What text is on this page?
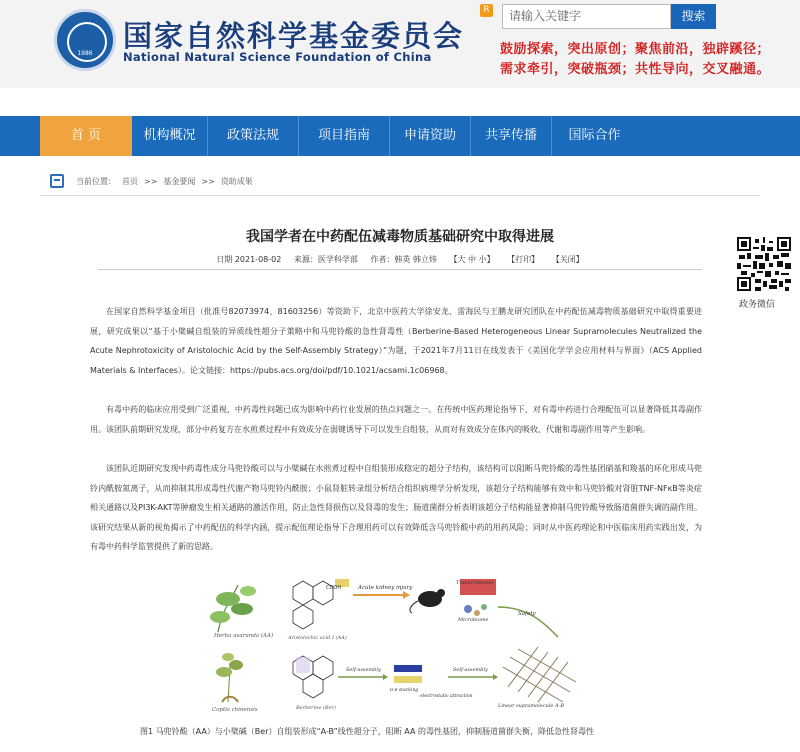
1986
国家自然科学基金委员会
National Natural Science Foundation of China
R	请输入关键字	搜索
鼓励探索，突出原创；聚焦前沿，独辟蹊径；
需求牵引，突破瓶颈；共性导向，交叉融通。
首 页	机构概况	政策法规	项目指南	申请资助	共享传播	国际合作
当前位置： 首页 >> 基金要闻 >> 资助成果
我国学者在中药配伍减毒物质基础研究中取得进展
日期 2021-08-02 来源：医学科学部 作者：韩英 韩立炜 【大 中 小】 【打印】 【关闭】
在国家自然科学基金项目（批准号82073974、81603256）等资助下，北京中医药大学徐安龙、雷海民与王鹏龙研究团队在中药配伍减毒物质基础研究中取得重要进展，研究成果以“基于小檗碱自组装的异质线性超分子策略中和马兜铃酸的急性肾毒性（Berberine-Based Heterogeneous Linear Supramolecules Neutralized the Acute Nephrotoxicity of Aristolochic Acid by the Self-Assembly Strategy）”为题，于2021年7月11日在线发表于《美国化学学会应用材料与界面》（ACS Applied Materials & Interfaces）。论文链接：https://pubs.acs.org/doi/pdf/10.1021/acsami.1c06968。
有毒中药的临床应用受到广泛重视，中药毒性问题已成为影响中药行业发展的热点问题之一。在传统中医药理论指导下，对有毒中药进行合理配伍可以显著降低其毒副作用。该团队前期研究发现，部分中药复方在水煎煮过程中有效成分在弱键诱导下可以发生自组装，从而对有效成分在体内的吸收、代谢和毒副作用等产生影响。
该团队近期研究发现中药毒性成分马兜铃酸可以与小檗碱在水煎煮过程中自组装形成稳定的超分子结构，该结构可以阻断马兜铃酸的毒性基团硝基和羧基的环化形成马兜铃内酰胺氮离子，从而抑制其形成毒性代谢产物马兜铃内酰胺；小鼠肾脏转录组分析结合组织病理学分析发现，该超分子结构能够有效中和马兜铃酸对肾脏TNF-NFκB等炎症相关通路以及PI3K-AKT等肿瘤发生相关通路的激活作用，防止急性肾损伤以及肾毒的发生；肠道菌群分析表明该超分子结构能显著抑制马兜铃酸导致肠道菌群失调的副作用。该研究结果从新的视角揭示了中药配伍的科学内涵，提示配伍理论指导下合理用药可以有效降低含马兜铃酸中药的用药风险；同时从中医药理论和中医临床用药实践出发，为有毒中药科学监管提供了新的思路。
政务微信
Herba asarunda (AA)
COOH
Aristolochic acid I (AA)
Acute kidney injury
Transcriptome
Microbiome
Safety
Coptis chinensis	Berberine (Ber)
Self-assembly
π-π stacking
electrostatic attraction
Self-assembly
Linear supramolecule A-B
图1 马兜铃酸（AA）与小檗碱（Ber）自组装形成“A-B”线性超分子，阻断 AA 的毒性基团，抑制肠道菌群失衡，降低急性肾毒性
